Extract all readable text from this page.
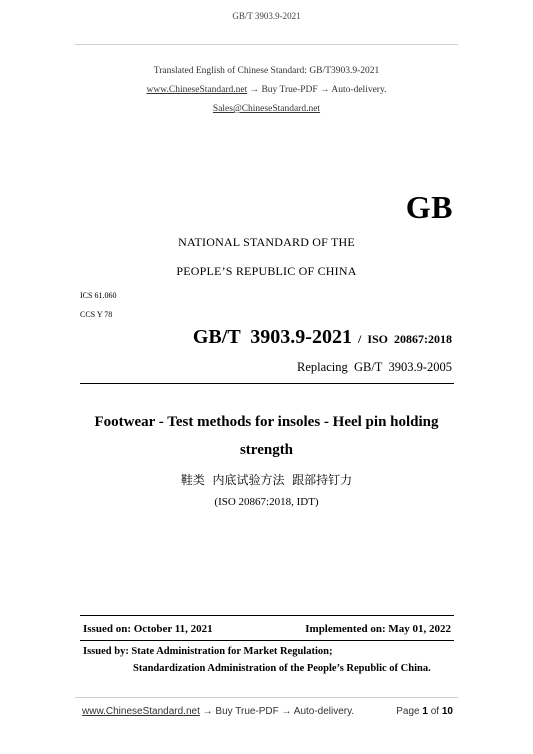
GB/T 3903.9-2021
Translated English of Chinese Standard: GB/T3903.9-2021
www.ChineseStandard.net → Buy True-PDF → Auto-delivery.
Sales@ChineseStandard.net
GB
NATIONAL STANDARD OF THE
PEOPLE’S REPUBLIC OF CHINA
ICS 61.060
CCS Y 78
GB/T  3903.9-2021  /  ISO  20867:2018
Replacing  GB/T  3903.9-2005
Footwear - Test methods for insoles - Heel pin holding
strength
鞋类  内底试验方法  跟部持钉力
(ISO 20867:2018, IDT)
Issued on: October 11, 2021	Implemented on: May 01, 2022
Issued by: State Administration for Market Regulation;
Standardization Administration of the People’s Republic of China.
www.ChineseStandard.net → Buy True-PDF → Auto-delivery.	Page 1 of 10
